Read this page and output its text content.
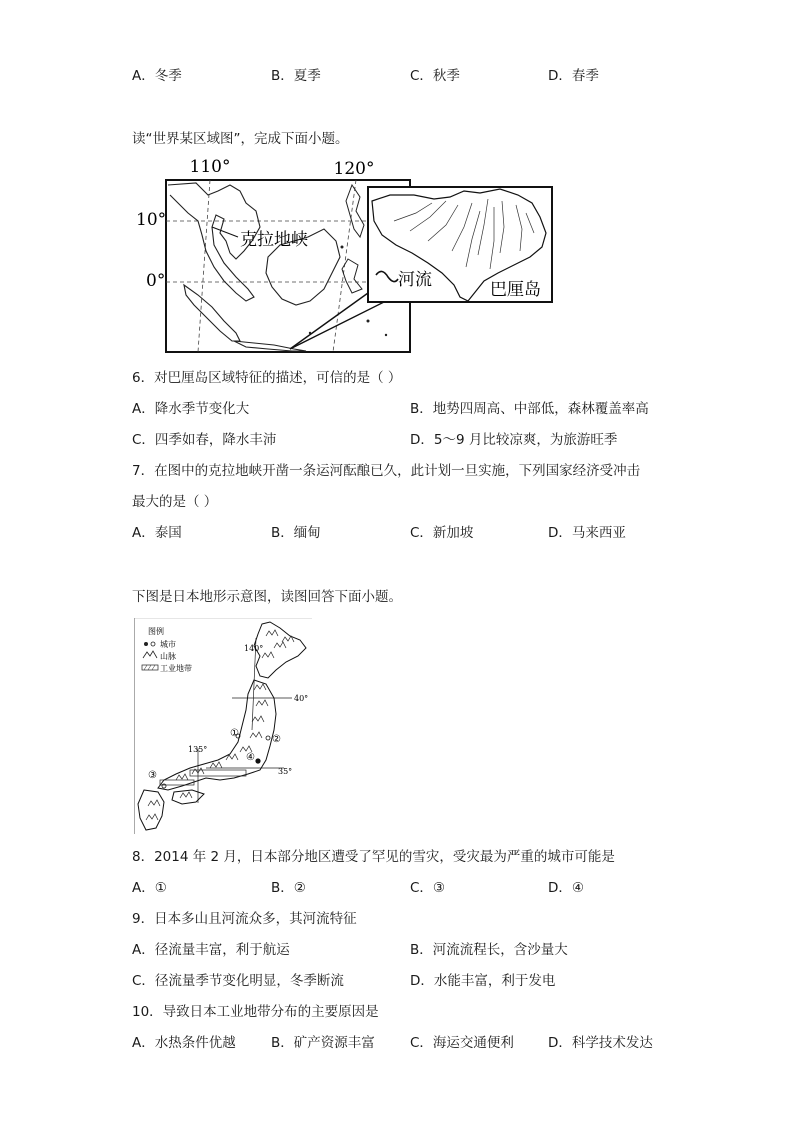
A．冬季	B．夏季	C．秋季	D．春季
读“世界某区域图”，完成下面小题。
110°	120°
10°
0°
克拉地峡
河流	巴厘岛
6．对巴厘岛区域特征的描述，可信的是（ ）
A．降水季节变化大	B．地势四周高、中部低，森林覆盖率高
C．四季如春，降水丰沛	D．5～9 月比较凉爽，为旅游旺季
7．在图中的克拉地峡开凿一条运河酝酿已久，此计划一旦实施，下列国家经济受冲击
最大的是（ ）
A．泰国	B．缅甸	C．新加坡	D．马来西亚
下图是日本地形示意图，读图回答下面小题。
图例
城市
山脉
工业地带
140°
135°
40°
35°
①
②
③
④
8．2014 年 2 月，日本部分地区遭受了罕见的雪灾，受灾最为严重的城市可能是
A．①	B．②	C．③	D．④
9．日本多山且河流众多，其河流特征
A．径流量丰富，利于航运	B．河流流程长，含沙量大
C．径流量季节变化明显，冬季断流	D．水能丰富，利于发电
10．导致日本工业地带分布的主要原因是
A．水热条件优越	B．矿产资源丰富	C．海运交通便利	D．科学技术发达
